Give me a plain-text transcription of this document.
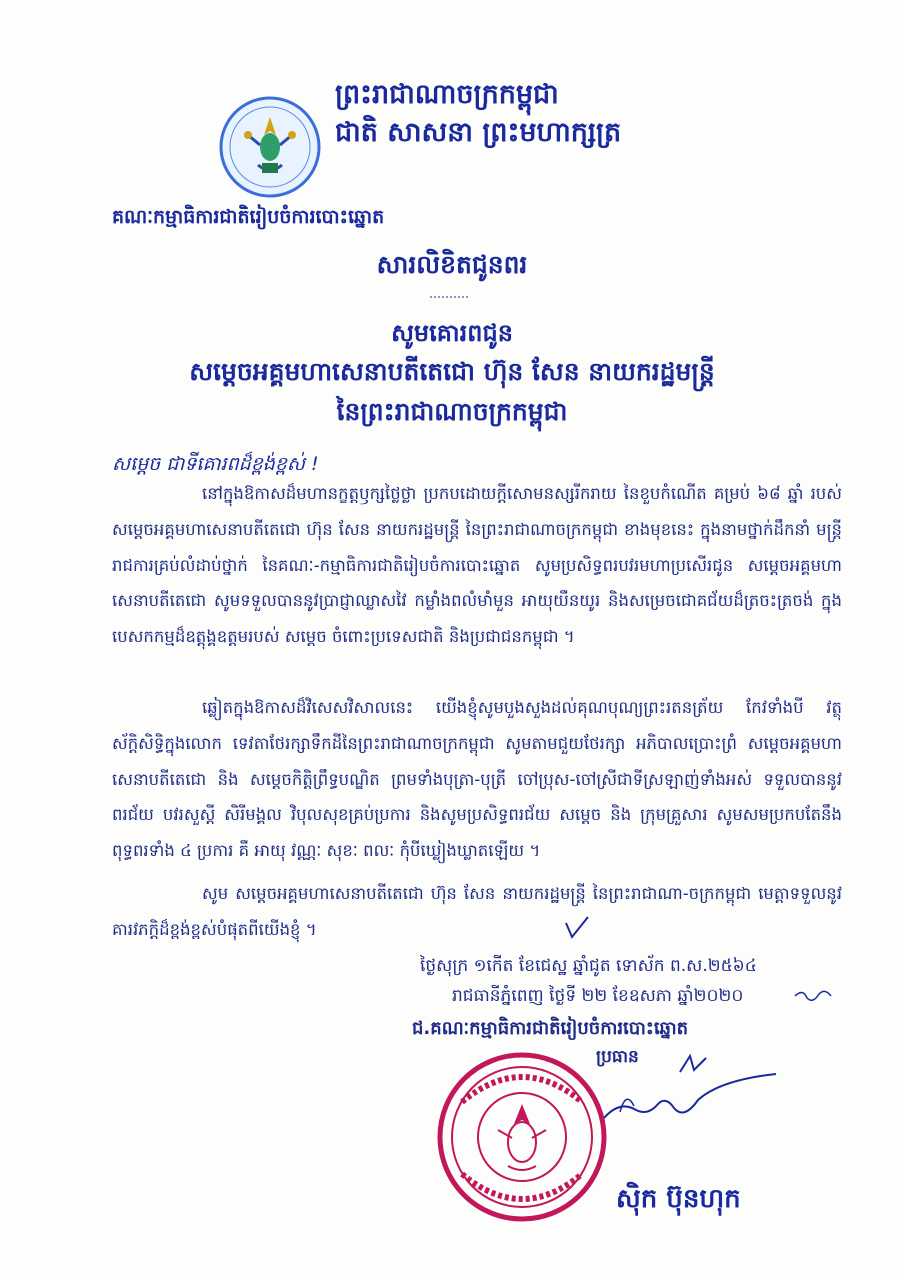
ព្រះរាជាណាចក្រកម្ពុជា
ជាតិ សាសនា ព្រះមហាក្សត្រ
គណៈកម្មាធិការជាតិរៀបចំការបោះឆ្នោត
សារលិខិតជូនពរ
សូមគោរពជូន
សម្តេចអគ្គមហាសេនាបតីតេជោ ហ៊ុន សែន នាយករដ្ឋមន្ត្រី
នៃព្រះរាជាណាចក្រកម្ពុជា
សម្តេច ជាទីគោរពដ៏ខ្ពង់ខ្ពស់ !
នៅក្នុងឱកាសដ៏មហានក្ខត្តឫក្សថ្លៃថ្លា ប្រកបដោយក្តីសោមនស្សរីករាយ នៃខួបកំណើត គម្រប់ ៦៨ ឆ្នាំ របស់ សម្តេចអគ្គមហាសេនាបតីតេជោ ហ៊ុន សែន នាយករដ្ឋមន្ត្រី នៃព្រះរាជាណាចក្រកម្ពុជា ខាងមុខនេះ ក្នុងនាមថ្នាក់ដឹកនាំ មន្ត្រីរាជការគ្រប់លំដាប់ថ្នាក់ នៃគណៈ-កម្មាធិការជាតិរៀបចំការបោះឆ្នោត សូមប្រសិទ្ធពរបវរមហាប្រសើរជូន សម្តេចអគ្គមហាសេនាបតីតេជោ សូមទទួលបាននូវប្រាជ្ញាឈ្លាសវៃ កម្លាំងពលំមាំមួន អាយុយឺនយូរ និងសម្រេចជោគជ័យដ៏ត្រចះត្រចង់ ក្នុងបេសកកម្មដ៏ឧត្តុង្គឧត្តមរបស់ សម្តេច ចំពោះប្រទេសជាតិ និងប្រជាជនកម្ពុជា ។
ឆ្លៀតក្នុងឱកាសដ៏វិសេសវិសាលនេះ យើងខ្ញុំសូមបួងសួងដល់គុណបុណ្យព្រះរតនត្រ័យ កែវទាំងបី វត្ថុស័ក្តិសិទ្ធិក្នុងលោក ទេវតាថែរក្សាទឹកដីនៃព្រះរាជាណាចក្រកម្ពុជា សូមតាមជួយថែរក្សា អភិបាលប្រោះព្រំ សម្តេចអគ្គមហាសេនាបតីតេជោ និង សម្តេចកិត្តិព្រឹទ្ធបណ្ឌិត ព្រមទាំងបុត្រា-បុត្រី ចៅប្រុស-ចៅស្រីជាទីស្រឡាញ់ទាំងអស់ ទទួលបាននូវពរជ័យ បវរសួស្តី សិរីមង្គល វិបុលសុខគ្រប់ប្រការ និងសូមប្រសិទ្ធពរជ័យ សម្តេច និង ក្រុមគ្រួសារ សូមសមប្រកបតែនឹងពុទ្ធពរទាំង ៤ ប្រការ គឺ អាយុ វណ្ណៈ សុខៈ ពលៈ កុំបីឃ្លៀងឃ្លាតឡើយ ។
សូម សម្តេចអគ្គមហាសេនាបតីតេជោ ហ៊ុន សែន នាយករដ្ឋមន្ត្រី នៃព្រះរាជាណា-ចក្រកម្ពុជា មេត្តាទទួលនូវគារវភក្តិដ៏ខ្ពង់ខ្ពស់បំផុតពីយើងខ្ញុំ ។
ថ្ងៃសុក្រ ១កើត ខែជេស្ឋ ឆ្នាំជូត ទោស័ក ព.ស.២៥៦៤
រាជធានីភ្នំពេញ ថ្ងៃទី ២២ ខែឧសភា ឆ្នាំ២០២០
ជ.គណៈកម្មាធិការជាតិរៀបចំការបោះឆ្នោត
ប្រធាន
ស៊ិក ប៊ុនហុក
